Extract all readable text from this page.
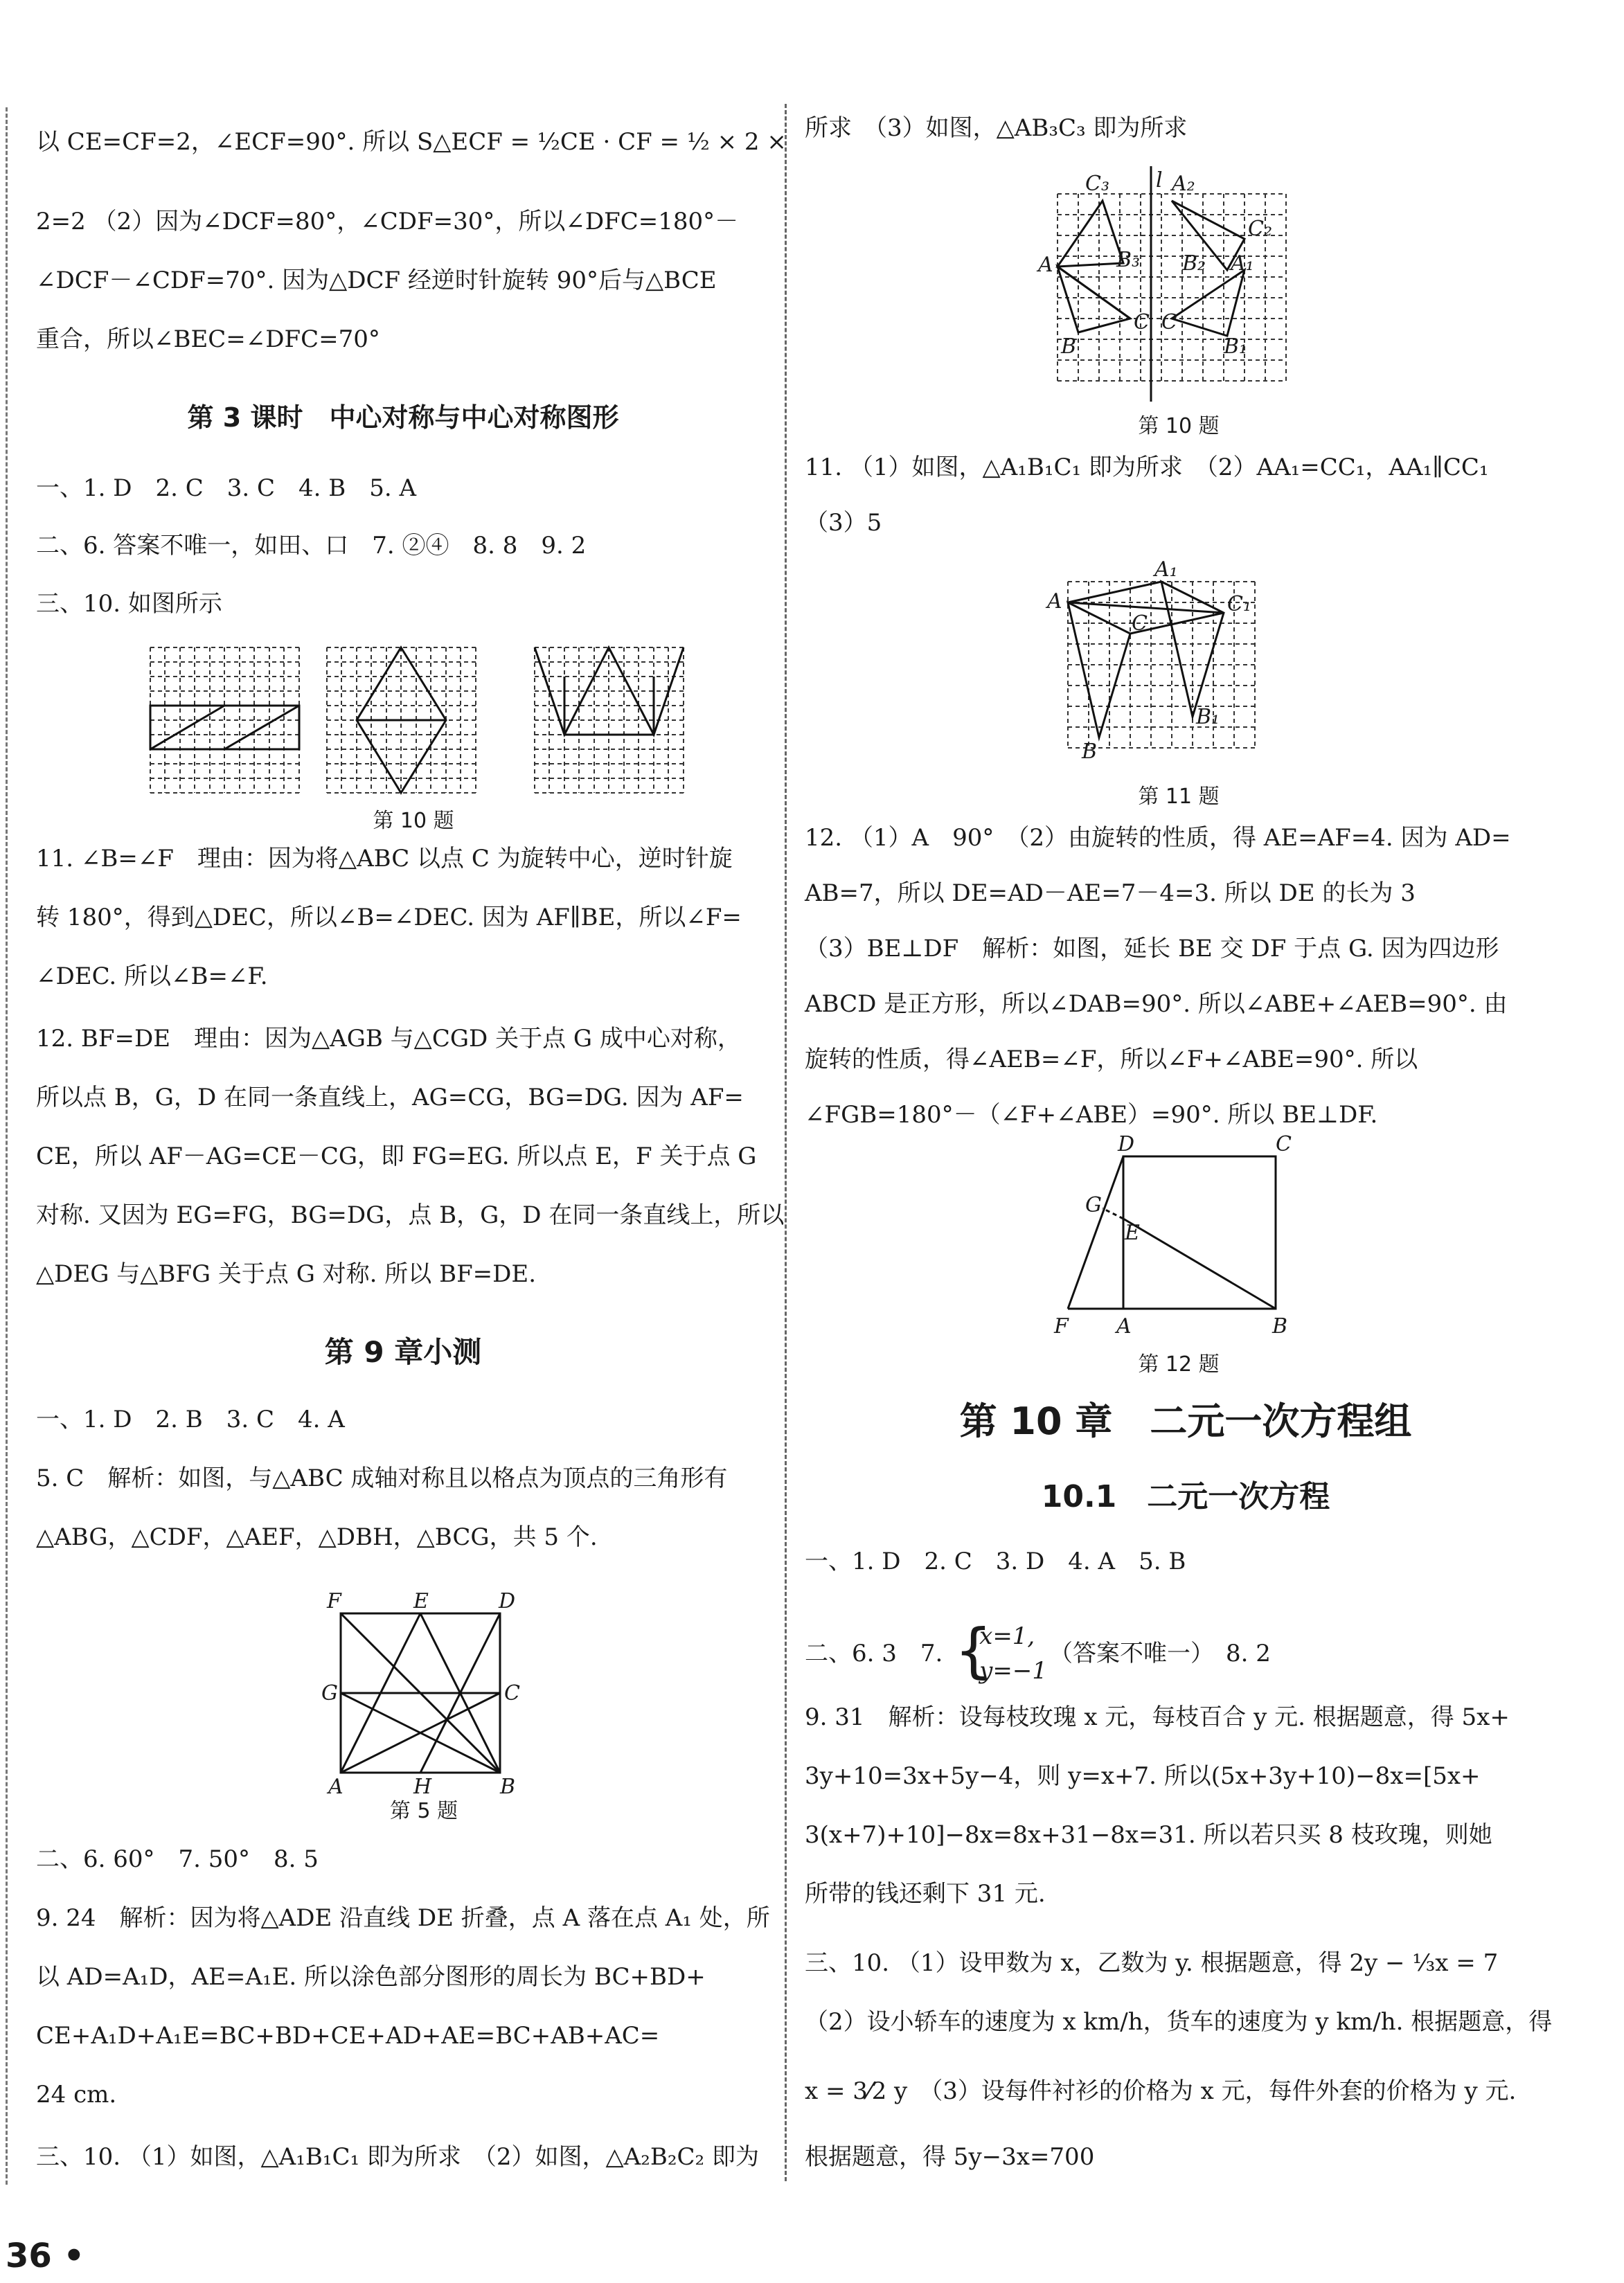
以 CE=CF=2，∠ECF=90°. 所以 S△ECF = ½CE · CF = ½ × 2 ×
2=2 （2）因为∠DCF=80°，∠CDF=30°，所以∠DFC=180°－
∠DCF－∠CDF=70°. 因为△DCF 经逆时针旋转 90°后与△BCE
重合，所以∠BEC=∠DFC=70°
第 3 课时　中心对称与中心对称图形
一、1. D　2. C　3. C　4. B　5. A
二、6. 答案不唯一，如田、口　7. ②④　8. 8　9. 2
三、10. 如图所示
第 10 题
11. ∠B=∠F　理由：因为将△ABC 以点 C 为旋转中心，逆时针旋
转 180°，得到△DEC，所以∠B=∠DEC. 因为 AF∥BE，所以∠F=
∠DEC. 所以∠B=∠F.
12. BF=DE　理由：因为△AGB 与△CGD 关于点 G 成中心对称，
所以点 B，G，D 在同一条直线上，AG=CG，BG=DG. 因为 AF=
CE，所以 AF－AG=CE－CG，即 FG=EG. 所以点 E，F 关于点 G
对称. 又因为 EG=FG，BG=DG，点 B，G，D 在同一条直线上，所以
△DEG 与△BFG 关于点 G 对称. 所以 BF=DE.
第 9 章小测
一、1. D　2. B　3. C　4. A
5. C　解析：如图，与△ABC 成轴对称且以格点为顶点的三角形有
△ABG，△CDF，△AEF，△DBH，△BCG，共 5 个.
F	E	D
G	C
A	H	B
第 5 题
二、6. 60°　7. 50°　8. 5
9. 24　解析：因为将△ADE 沿直线 DE 折叠，点 A 落在点 A₁ 处，所
以 AD=A₁D，AE=A₁E. 所以涂色部分图形的周长为 BC+BD+
CE+A₁D+A₁E=BC+BD+CE+AD+AE=BC+AB+AC=
24 cm.
三、10. （1）如图，△A₁B₁C₁ 即为所求　（2）如图，△A₂B₂C₂ 即为
所求　（3）如图，△AB₃C₃ 即为所求
C₃ l A₂
C₂
A	B₃ B₂ A₁
B
C C
B₁
第 10 题
11. （1）如图，△A₁B₁C₁ 即为所求　（2）AA₁=CC₁，AA₁∥CC₁
（3）5
A₁
A
C
C₁
B₁
B
第 11 题
12. （1）A　90°　（2）由旋转的性质，得 AE=AF=4. 因为 AD=
AB=7，所以 DE=AD－AE=7－4=3. 所以 DE 的长为 3
（3）BE⊥DF　解析：如图，延长 BE 交 DF 于点 G. 因为四边形
ABCD 是正方形，所以∠DAB=90°. 所以∠ABE+∠AEB=90°. 由
旋转的性质，得∠AEB=∠F，所以∠F+∠ABE=90°. 所以
∠FGB=180°－（∠F+∠ABE）=90°. 所以 BE⊥DF.
D	C
G
E
F A	B
第 12 题
第 10 章　二元一次方程组
10.1　二元一次方程
一、1. D　2. C　3. D　4. A　5. B
二、6. 3　7. {
x=1,
y=−1
（答案不唯一）　8. 2
9. 31　解析：设每枝玫瑰 x 元，每枝百合 y 元. 根据题意，得 5x+
3y+10=3x+5y−4，则 y=x+7. 所以(5x+3y+10)−8x=[5x+
3(x+7)+10]−8x=8x+31−8x=31. 所以若只买 8 枝玫瑰，则她
所带的钱还剩下 31 元.
三、10. （1）设甲数为 x，乙数为 y. 根据题意，得 2y − ⅓x = 7
（2）设小轿车的速度为 x km/h，货车的速度为 y km/h. 根据题意，得
x = 3⁄2 y　（3）设每件衬衫的价格为 x 元，每件外套的价格为 y 元.
根据题意，得 5y−3x=700
36 •
